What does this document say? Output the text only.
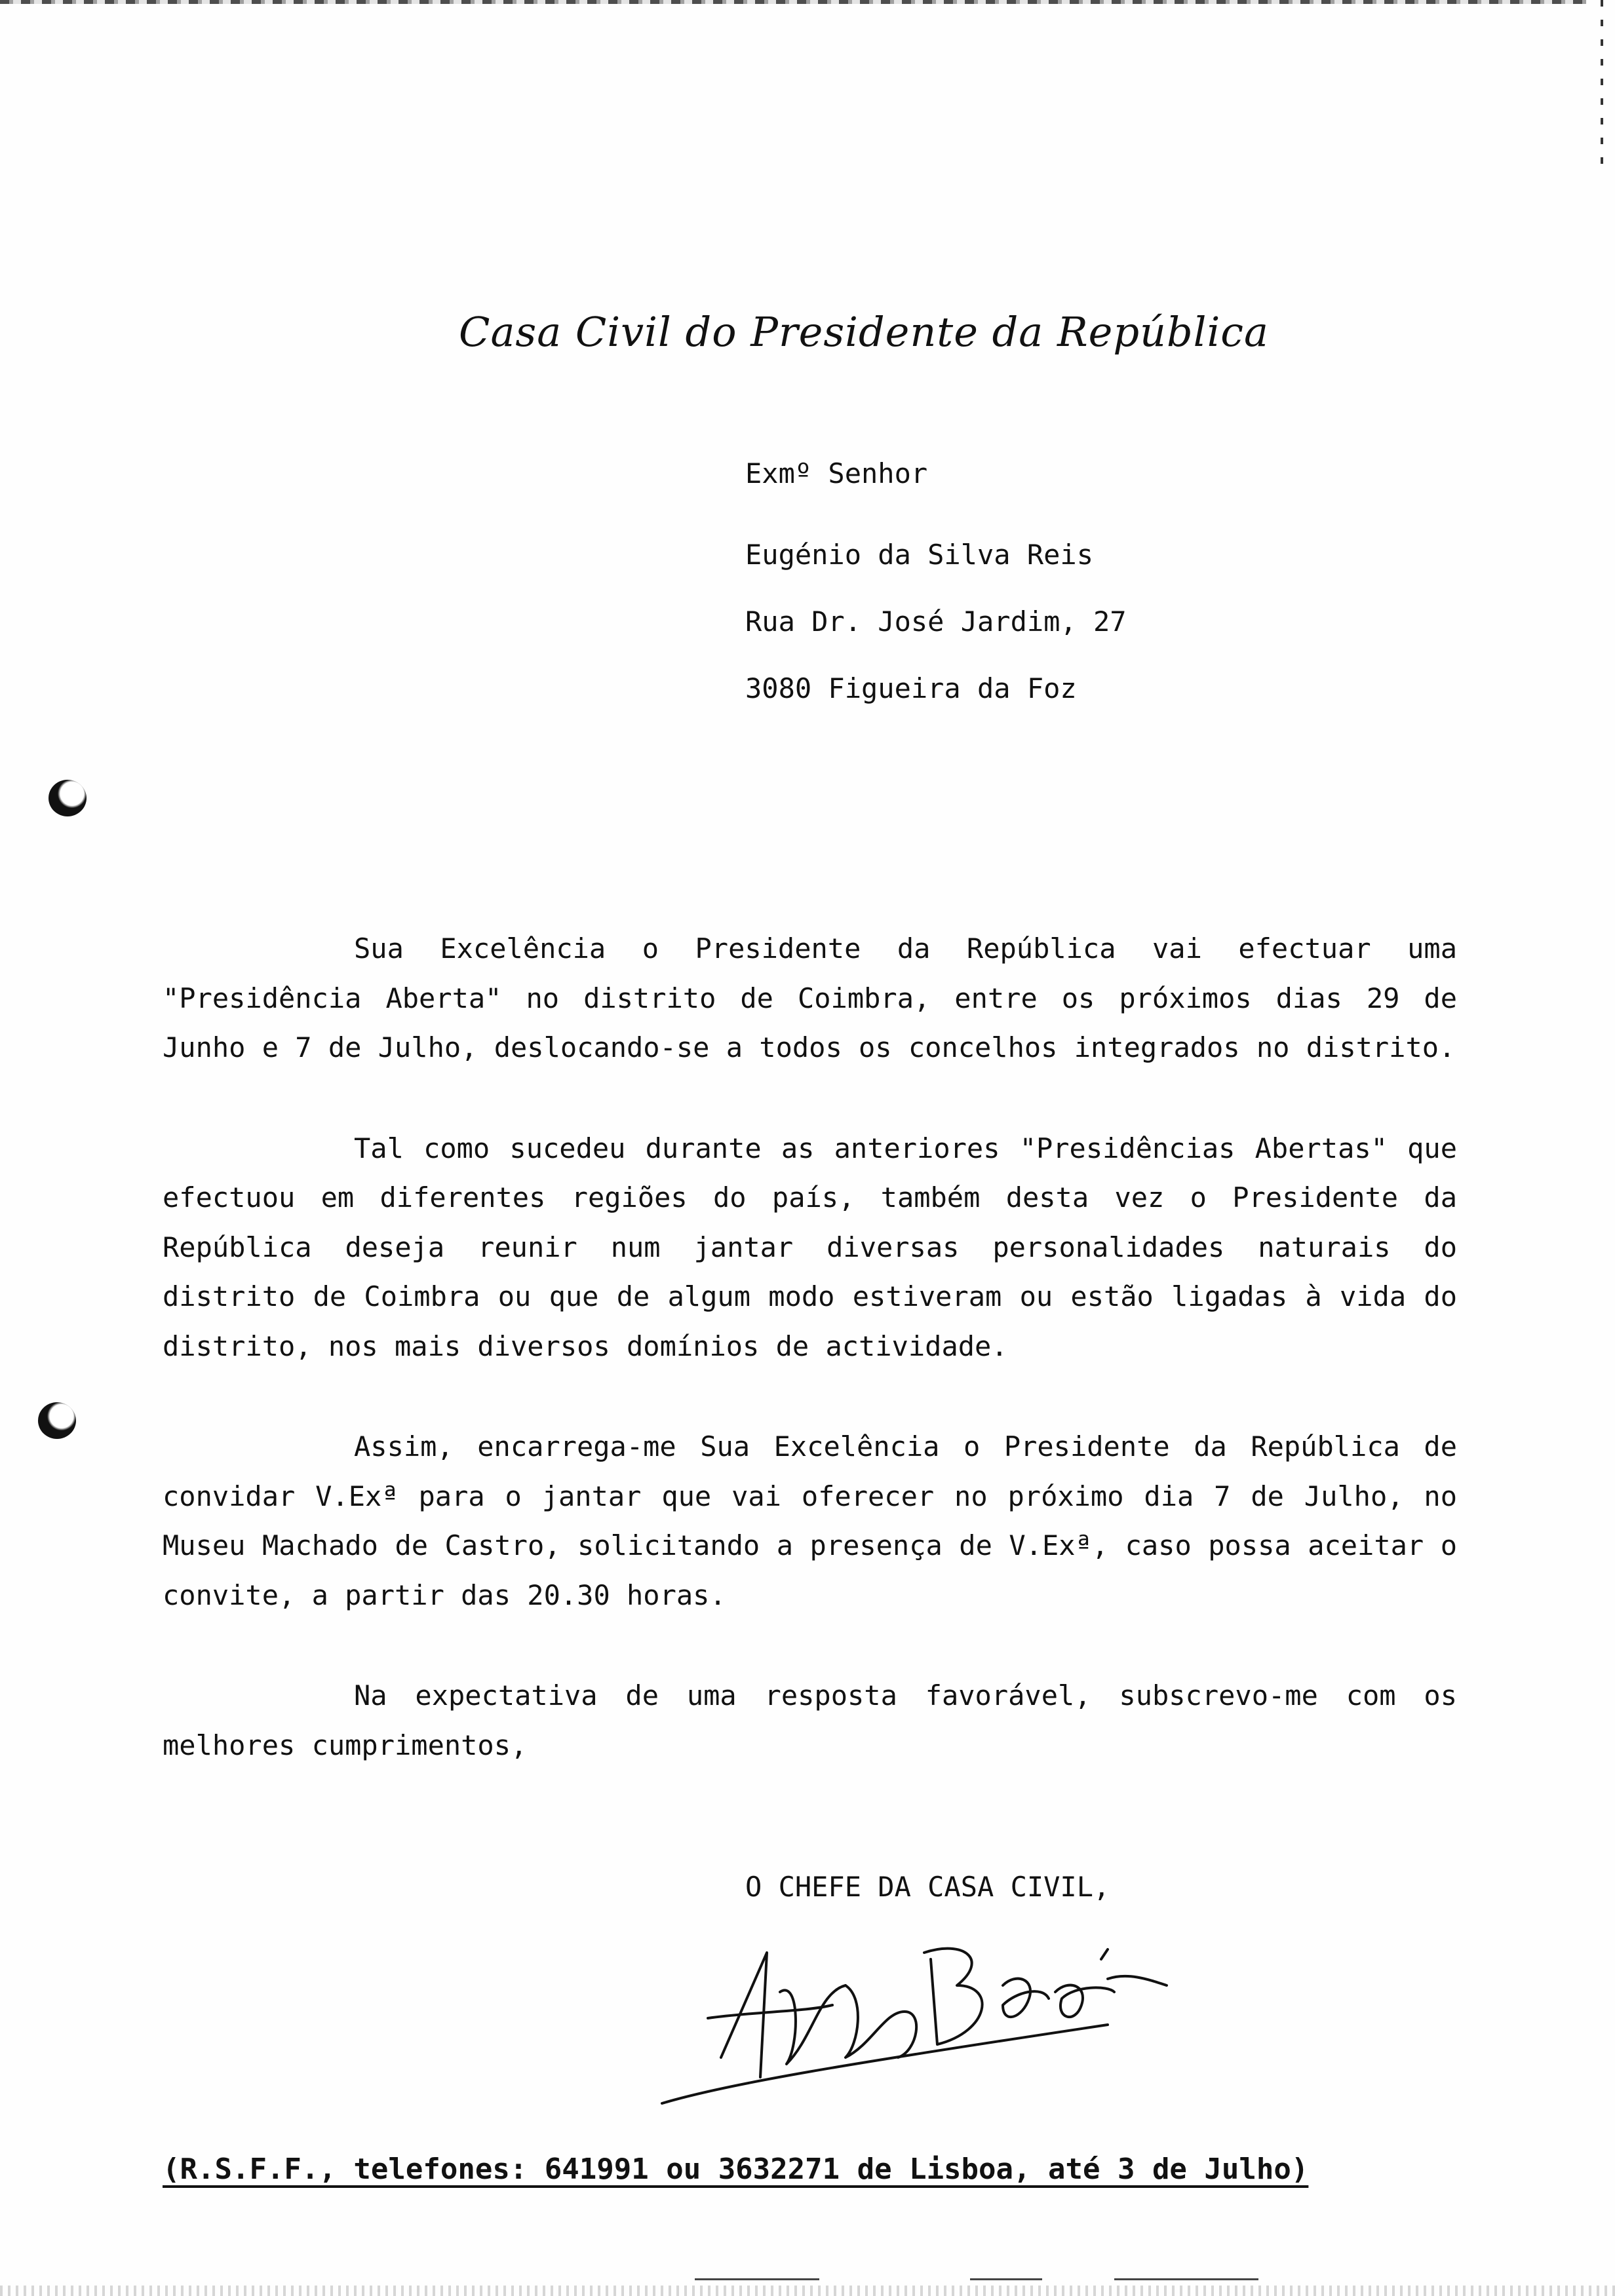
Casa Civil do Presidente da República
Exmº Senhor
Eugénio da Silva Reis
Rua Dr. José Jardim, 27
3080 Figueira da Foz

Sua Excelência o Presidente da República vai efectuar uma "Presidência Aberta" no distrito de Coimbra, entre os próximos dias 29 de Junho e 7 de Julho, deslocando-se a todos os concelhos integrados no distrito.

Tal como sucedeu durante as anteriores "Presidências Abertas" que efectuou em diferentes regiões do país, também desta vez o Presidente da República deseja reunir num jantar diversas personalidades naturais do distrito de Coimbra ou que de algum modo estiveram ou estão ligadas à vida do distrito, nos mais diversos domínios de actividade.

Assim, encarrega-me Sua Excelência o Presidente da República de convidar V.Exª para o jantar que vai oferecer no próximo dia 7 de Julho, no Museu Machado de Castro, solicitando a presença de V.Exª, caso possa aceitar o convite, a partir das 20.30 horas.

Na expectativa de uma resposta favorável, subscrevo-me com os melhores cumprimentos,

O CHEFE DA CASA CIVIL,
(R.S.F.F., telefones: 641991 ou 3632271 de Lisboa, até 3 de Julho)
